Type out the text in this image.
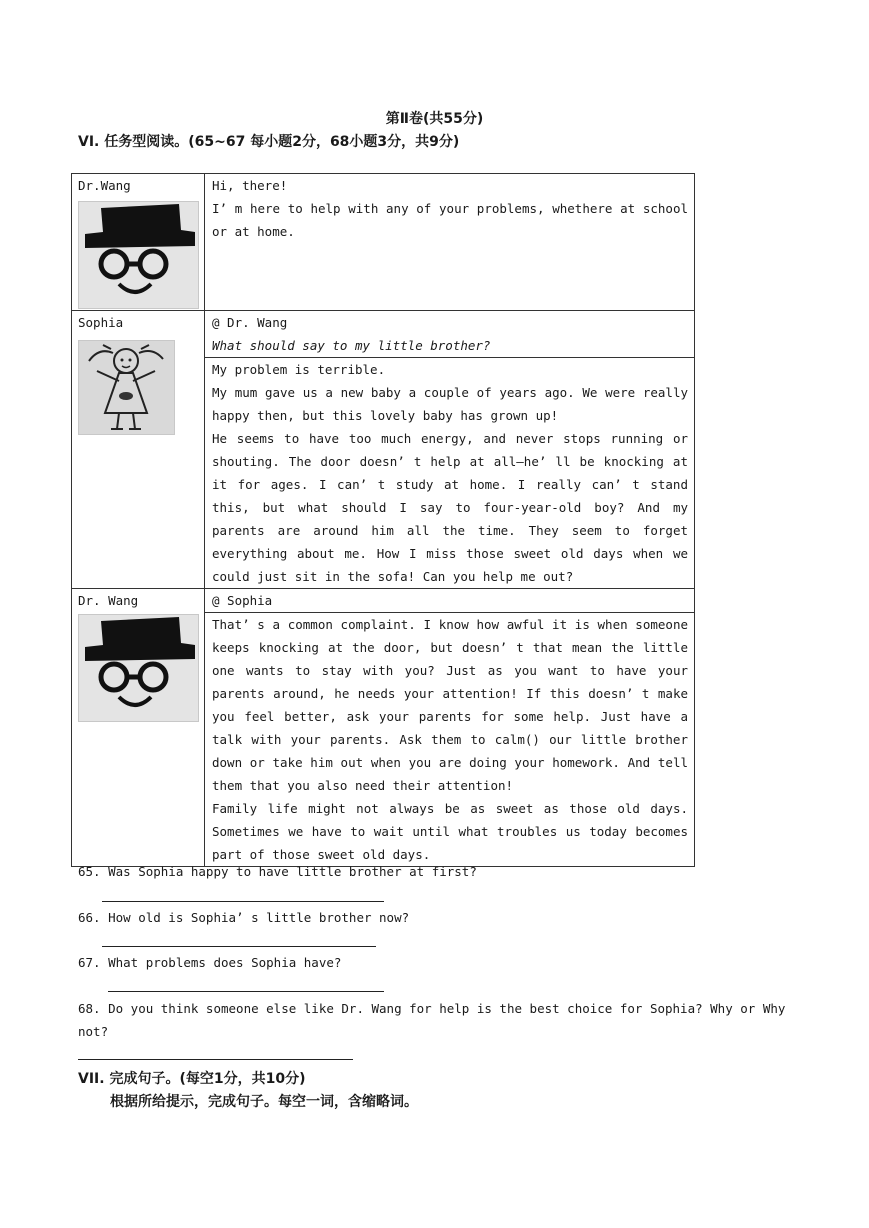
第Ⅱ卷(共55分)
VI. 任务型阅读。(65~67 每小题2分，68小题3分，共9分)
Dr.Wang	Hi, there!
I’ m here to help with any of your problems, whethere at school or at home.

Sophia	@ Dr. Wang
What should say to my little brother?

	My problem is terrible.
My mum gave us a new baby a couple of years ago. We were really happy then, but this lovely baby has grown up!
He seems to have too much energy, and never stops running or shouting. The door doesn’ t help at all—he’ ll be knocking at it for ages. I can’ t study at home. I really can’ t stand this, but what should I say to four-year-old boy? And my parents are around him all the time. They seem to forget everything about me. How I miss those sweet old days when we could just sit in the sofa! Can you help me out?

Dr. Wang	@ Sophia

	That’ s a common complaint. I know how awful it is when someone keeps knocking at the door, but doesn’ t that mean the little one wants to stay with you? Just as you want to have your parents around, he needs your attention! If this doesn’ t make you feel better, ask your parents for some help. Just have a talk with your parents. Ask them to calm() our little brother down or take him out when you are doing your homework. And tell them that you also need their attention!
Family life might not always be as sweet as those old days. Sometimes we have to wait until what troubles us today becomes part of those sweet old days.
65. Was Sophia happy to have little brother at first?
66. How old is Sophia’ s little brother now?
67. What problems does Sophia have?
68. Do you think someone else like Dr. Wang for help is the best choice for Sophia? Why or Why not?
VII. 完成句子。(每空1分，共10分)
根据所给提示，完成句子。每空一词，含缩略词。
